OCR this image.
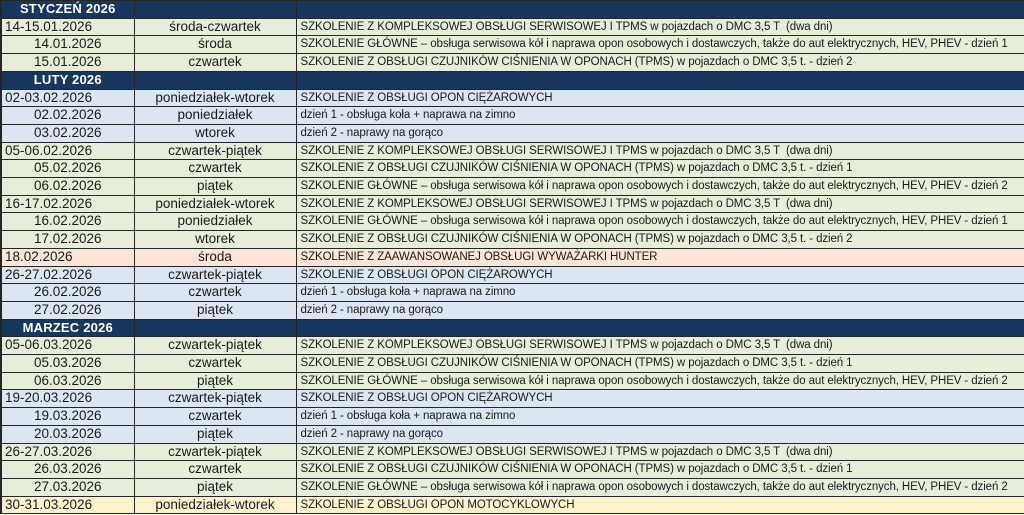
STYCZEŃ 2026		
14-15.01.2026	środa-czwartek	SZKOLENIE Z KOMPLEKSOWEJ OBSŁUGI SERWISOWEJ I TPMS w pojazdach o DMC 3,5 T  (dwa dni)
14.01.2026	środa	SZKOLENIE GŁÓWNE – obsługa serwisowa kół i naprawa opon osobowych i dostawczych, także do aut elektrycznych, HEV, PHEV - dzień 1
15.01.2026	czwartek	SZKOLENIE Z OBSŁUGI CZUJNIKÓW CIŚNIENIA W OPONACH (TPMS) w pojazdach o DMC 3,5 t. - dzień 2
LUTY 2026		
02-03.02.2026	poniedziałek-wtorek	SZKOLENIE Z OBSŁUGI OPON CIĘŻAROWYCH
02.02.2026	poniedziałek	dzień 1 - obsługa koła + naprawa na zimno
03.02.2026	wtorek	dzień 2 - naprawy na gorąco
05-06.02.2026	czwartek-piątek	SZKOLENIE Z KOMPLEKSOWEJ OBSŁUGI SERWISOWEJ I TPMS w pojazdach o DMC 3,5 T  (dwa dni)
05.02.2026	czwartek	SZKOLENIE Z OBSŁUGI CZUJNIKÓW CIŚNIENIA W OPONACH (TPMS) w pojazdach o DMC 3,5 t. - dzień 1
06.02.2026	piątek	SZKOLENIE GŁÓWNE – obsługa serwisowa kół i naprawa opon osobowych i dostawczych, także do aut elektrycznych, HEV, PHEV - dzień 2
16-17.02.2026	poniedziałek-wtorek	SZKOLENIE Z KOMPLEKSOWEJ OBSŁUGI SERWISOWEJ I TPMS w pojazdach o DMC 3,5 T  (dwa dni)
16.02.2026	poniedziałek	SZKOLENIE GŁÓWNE – obsługa serwisowa kół i naprawa opon osobowych i dostawczych, także do aut elektrycznych, HEV, PHEV - dzień 1
17.02.2026	wtorek	SZKOLENIE Z OBSŁUGI CZUJNIKÓW CIŚNIENIA W OPONACH (TPMS) w pojazdach o DMC 3,5 t. - dzień 2
18.02.2026	środa	SZKOLENIE Z ZAAWANSOWANEJ OBSŁUGI WYWAŻARKI HUNTER
26-27.02.2026	czwartek-piątek	SZKOLENIE Z OBSŁUGI OPON CIĘŻAROWYCH
26.02.2026	czwartek	dzień 1 - obsługa koła + naprawa na zimno
27.02.2026	piątek	dzień 2 - naprawy na gorąco
MARZEC 2026		
05-06.03.2026	czwartek-piątek	SZKOLENIE Z KOMPLEKSOWEJ OBSŁUGI SERWISOWEJ I TPMS w pojazdach o DMC 3,5 T  (dwa dni)
05.03.2026	czwartek	SZKOLENIE Z OBSŁUGI CZUJNIKÓW CIŚNIENIA W OPONACH (TPMS) w pojazdach o DMC 3,5 t. - dzień 1
06.03.2026	piątek	SZKOLENIE GŁÓWNE – obsługa serwisowa kół i naprawa opon osobowych i dostawczych, także do aut elektrycznych, HEV, PHEV - dzień 2
19-20.03.2026	czwartek-piątek	SZKOLENIE Z OBSŁUGI OPON CIĘŻAROWYCH
19.03.2026	czwartek	dzień 1 - obsługa koła + naprawa na zimno
20.03.2026	piątek	dzień 2 - naprawy na gorąco
26-27.03.2026	czwartek-piątek	SZKOLENIE Z KOMPLEKSOWEJ OBSŁUGI SERWISOWEJ I TPMS w pojazdach o DMC 3,5 T  (dwa dni)
26.03.2026	czwartek	SZKOLENIE Z OBSŁUGI CZUJNIKÓW CIŚNIENIA W OPONACH (TPMS) w pojazdach o DMC 3,5 t. - dzień 1
27.03.2026	piątek	SZKOLENIE GŁÓWNE – obsługa serwisowa kół i naprawa opon osobowych i dostawczych, także do aut elektrycznych, HEV, PHEV - dzień 2
30-31.03.2026	poniedziałek-wtorek	SZKOLENIE Z OBSŁUGI OPON MOTOCYKLOWYCH
